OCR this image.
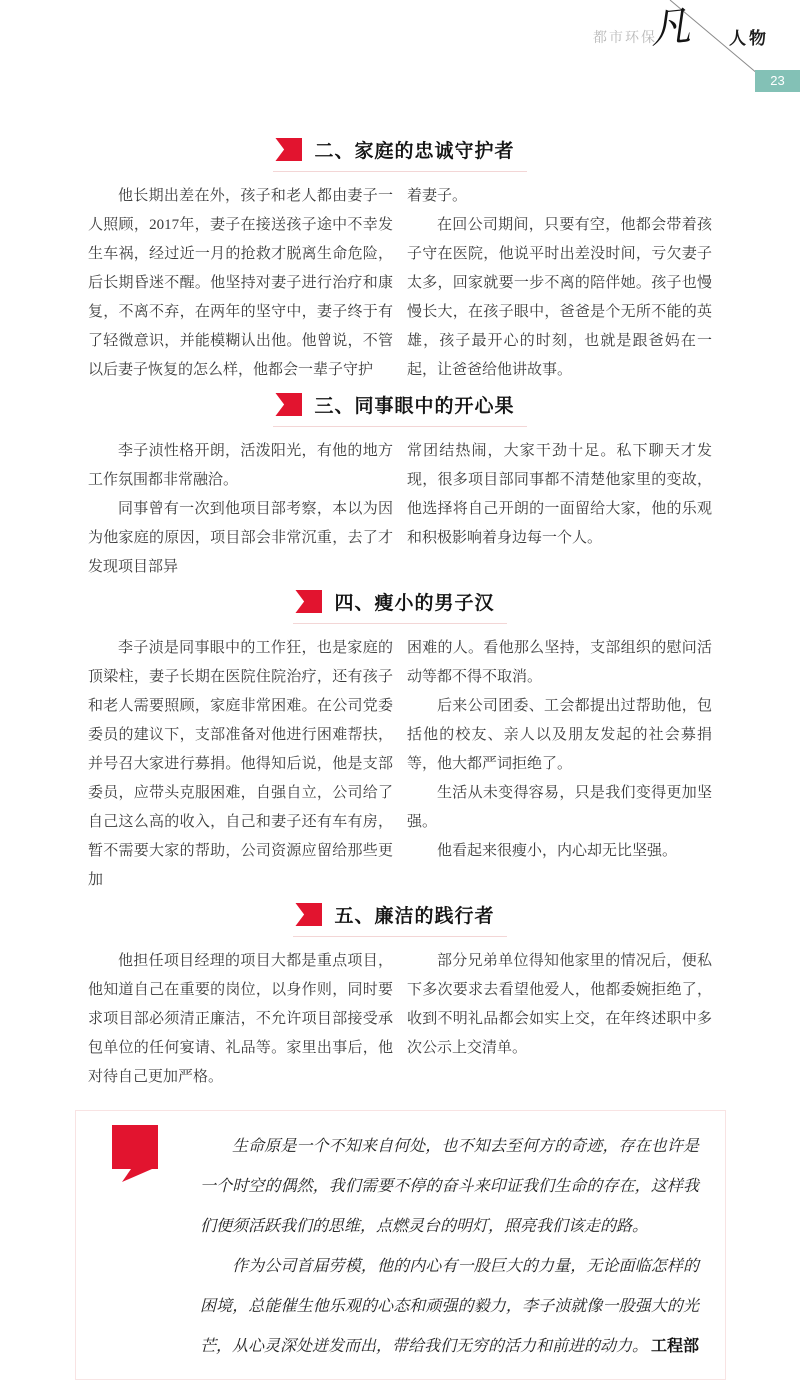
都市环保
凡 人物
23
二、家庭的忠诚守护者

他长期出差在外，孩子和老人都由妻子一人照顾，2017年，妻子在接送孩子途中不幸发生车祸，经过近一月的抢救才脱离生命危险，后长期昏迷不醒。他坚持对妻子进行治疗和康复，不离不弃，在两年的坚守中，妻子终于有了轻微意识，并能模糊认出他。他曾说，不管以后妻子恢复的怎么样，他都会一辈子守护

着妻子。

在回公司期间，只要有空，他都会带着孩子守在医院，他说平时出差没时间，亏欠妻子太多，回家就要一步不离的陪伴她。孩子也慢慢长大，在孩子眼中，爸爸是个无所不能的英雄，孩子最开心的时刻，也就是跟爸妈在一起，让爸爸给他讲故事。

三、同事眼中的开心果

李子浈性格开朗，活泼阳光，有他的地方工作氛围都非常融洽。

同事曾有一次到他项目部考察，本以为因为他家庭的原因，项目部会非常沉重，去了才发现项目部异

常团结热闹，大家干劲十足。私下聊天才发现，很多项目部同事都不清楚他家里的变故，他选择将自己开朗的一面留给大家，他的乐观和积极影响着身边每一个人。

四、瘦小的男子汉

李子浈是同事眼中的工作狂，也是家庭的顶梁柱，妻子长期在医院住院治疗，还有孩子和老人需要照顾，家庭非常困难。在公司党委委员的建议下，支部准备对他进行困难帮扶，并号召大家进行募捐。他得知后说，他是支部委员，应带头克服困难，自强自立，公司给了自己这么高的收入，自己和妻子还有车有房，暂不需要大家的帮助，公司资源应留给那些更加

困难的人。看他那么坚持，支部组织的慰问活动等都不得不取消。

后来公司团委、工会都提出过帮助他，包括他的校友、亲人以及朋友发起的社会募捐等，他大都严词拒绝了。

生活从未变得容易，只是我们变得更加坚强。

他看起来很瘦小，内心却无比坚强。

五、廉洁的践行者

他担任项目经理的项目大都是重点项目，他知道自己在重要的岗位，以身作则，同时要求项目部必须清正廉洁，不允许项目部接受承包单位的任何宴请、礼品等。家里出事后，他对待自己更加严格。

部分兄弟单位得知他家里的情况后，便私下多次要求去看望他爱人，他都委婉拒绝了，收到不明礼品都会如实上交，在年终述职中多次公示上交清单。

生命原是一个不知来自何处，也不知去至何方的奇迹，存在也许是一个时空的偶然，我们需要不停的奋斗来印证我们生命的存在，这样我们便须活跃我们的思维，点燃灵台的明灯，照亮我们该走的路。

作为公司首届劳模，他的内心有一股巨大的力量，无论面临怎样的困境，总能催生他乐观的心态和顽强的毅力，李子浈就像一股强大的光芒，从心灵深处迸发而出，带给我们无穷的活力和前进的动力。 工程部
